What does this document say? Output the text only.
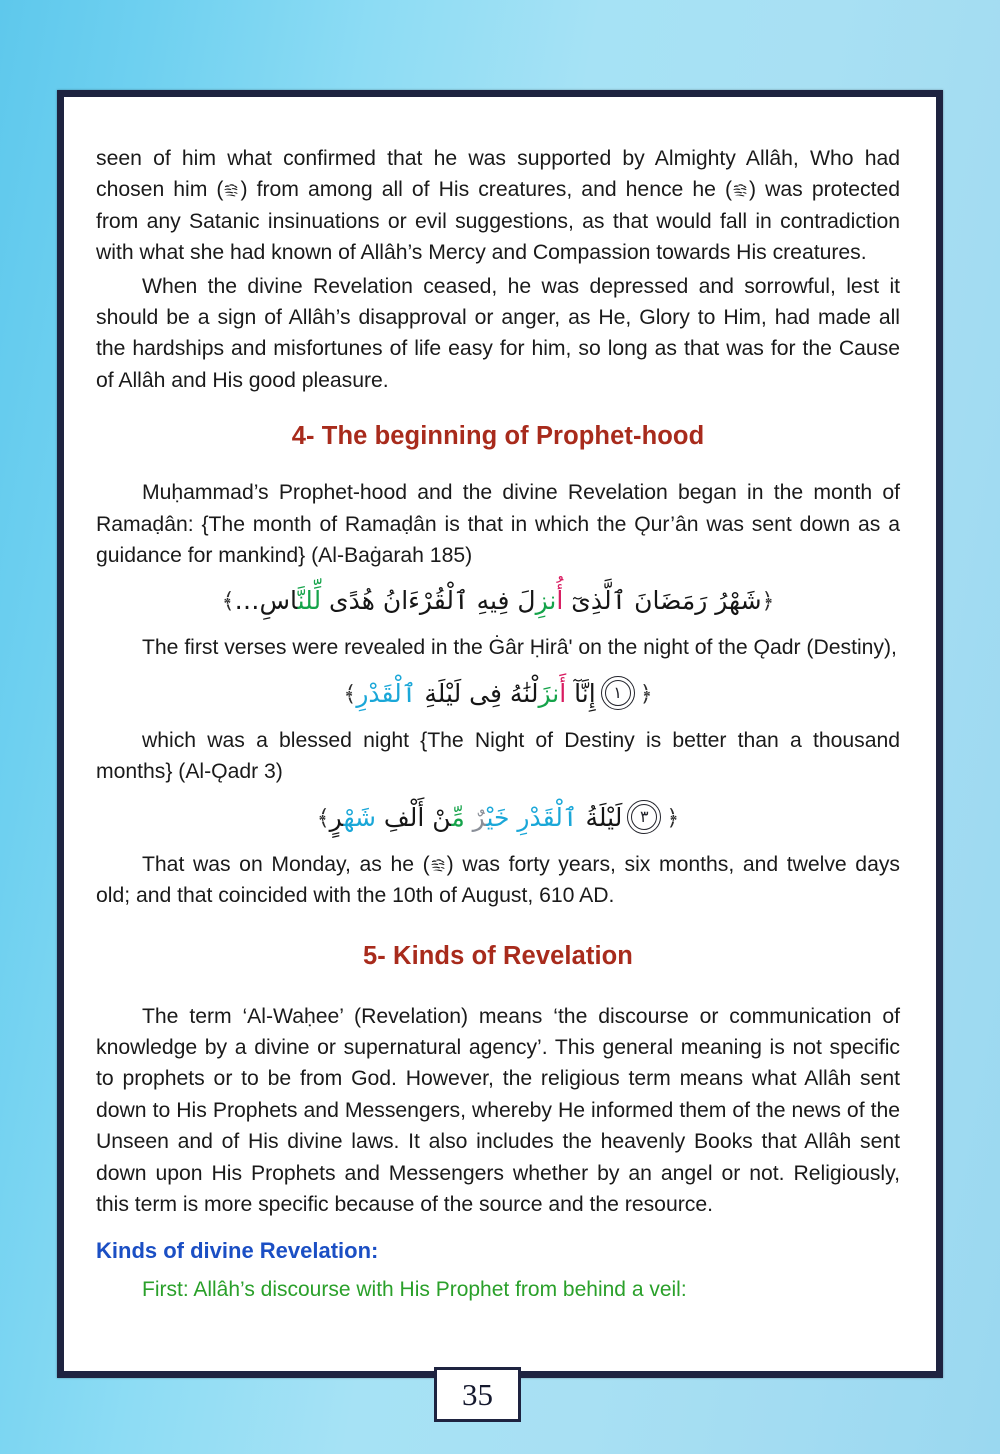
seen of him what confirmed that he was supported by Almighty Allâh, Who had chosen him ( ) from among all of His creatures, and hence he ( ) was protected from any Satanic insinuations or evil suggestions, as that would fall in contradiction with what she had known of Allâh’s Mercy and Compassion towards His creatures.

When the divine Revelation ceased, he was depressed and sorrowful, lest it should be a sign of Allâh’s disapproval or anger, as He, Glory to Him, had made all the hardships and misfortunes of life easy for him, so long as that was for the Cause of Allâh and His good pleasure.

4- The beginning of Prophet-hood

Muḥammad’s Prophet-hood and the divine Revelation began in the month of Ramaḍân: {The month of Ramaḍân is that in which the Ǫur’ân was sent down as a guidance for mankind} (Al-Baġarah 185)

﴿شَهْرُ رَمَضَانَ ٱلَّذِىٓ أُنزِلَ فِيهِ ٱلْقُرْءَانُ هُدًى لِّلنَّاسِ…﴾

The first verses were revealed in the Ġâr Ḥirâ' on the night of the Ǫadr (Destiny),

﴿
١
إِنَّآ أَنزَلْنَٰهُ فِى لَيْلَةِ ٱلْقَدْرِ﴾

which was a blessed night {The Night of Destiny is better than a thousand months} (Al-Ǫadr 3)

﴿
٣
لَيْلَةُ ٱلْقَدْرِ خَيْرٌ مِّنْ أَلْفِ شَهْرٍ﴾

That was on Monday, as he ( ) was forty years, six months, and twelve days old; and that coincided with the 10th of August, 610 AD.

5- Kinds of Revelation

The term ‘Al-Waḥee’ (Revelation) means ‘the discourse or communication of knowledge by a divine or supernatural agency’. This general meaning is not specific to prophets or to be from God. However, the religious term means what Allâh sent down to His Prophets and Messengers, whereby He informed them of the news of the Unseen and of His divine laws. It also includes the heavenly Books that Allâh sent down upon His Prophets and Messengers whether by an angel or not. Religiously, this term is more specific because of the source and the resource.

Kinds of divine Revelation:
First: Allâh’s discourse with His Prophet from behind a veil:
35
